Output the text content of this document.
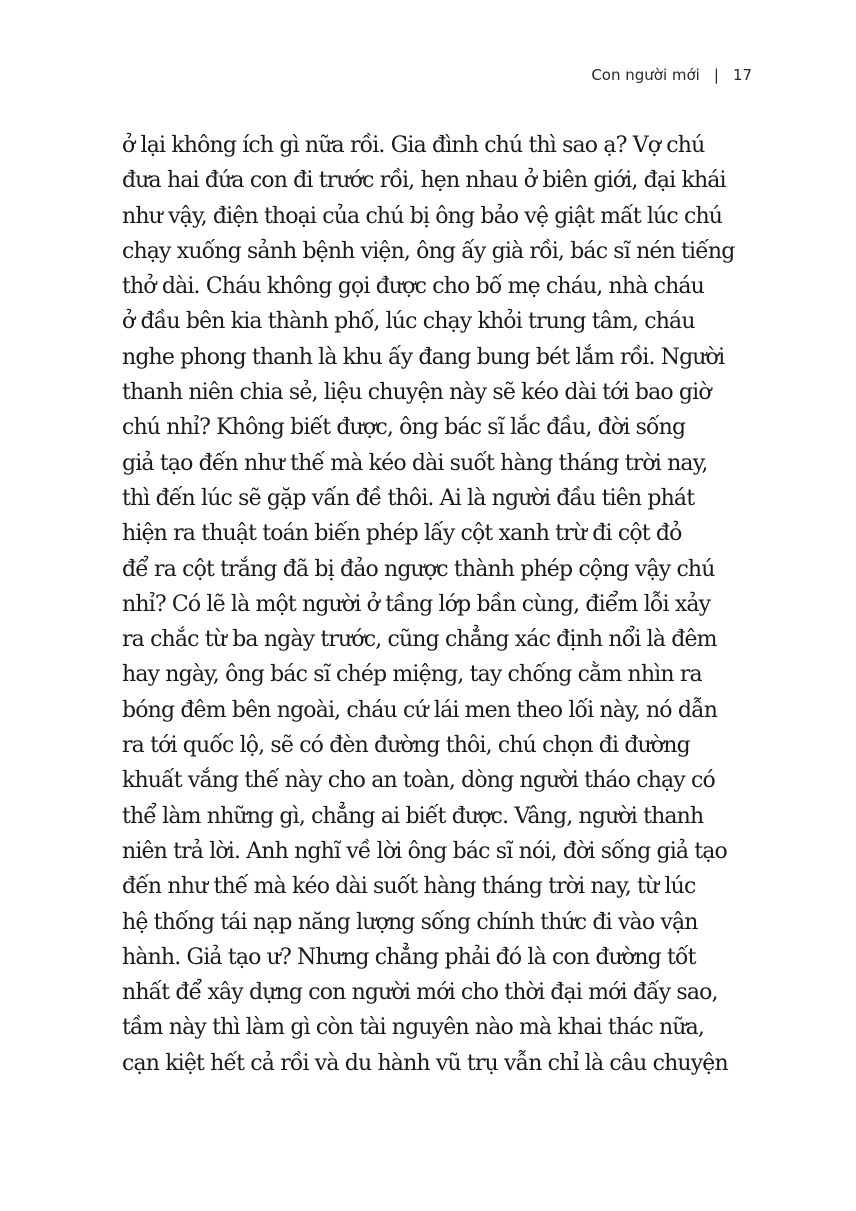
Con người mới | 17
ở lại không ích gì nữa rồi. Gia đình chú thì sao ạ? Vợ chú
đưa hai đứa con đi trước rồi, hẹn nhau ở biên giới, đại khái
như vậy, điện thoại của chú bị ông bảo vệ giật mất lúc chú
chạy xuống sảnh bệnh viện, ông ấy già rồi, bác sĩ nén tiếng
thở dài. Cháu không gọi được cho bố mẹ cháu, nhà cháu
ở đầu bên kia thành phố, lúc chạy khỏi trung tâm, cháu
nghe phong thanh là khu ấy đang bung bét lắm rồi. Người
thanh niên chia sẻ, liệu chuyện này sẽ kéo dài tới bao giờ
chú nhỉ? Không biết được, ông bác sĩ lắc đầu, đời sống
giả tạo đến như thế mà kéo dài suốt hàng tháng trời nay,
thì đến lúc sẽ gặp vấn đề thôi. Ai là người đầu tiên phát
hiện ra thuật toán biến phép lấy cột xanh trừ đi cột đỏ
để ra cột trắng đã bị đảo ngược thành phép cộng vậy chú
nhỉ? Có lẽ là một người ở tầng lớp bần cùng, điểm lỗi xảy
ra chắc từ ba ngày trước, cũng chẳng xác định nổi là đêm
hay ngày, ông bác sĩ chép miệng, tay chống cằm nhìn ra
bóng đêm bên ngoài, cháu cứ lái men theo lối này, nó dẫn
ra tới quốc lộ, sẽ có đèn đường thôi, chú chọn đi đường
khuất vắng thế này cho an toàn, dòng người tháo chạy có
thể làm những gì, chẳng ai biết được. Vâng, người thanh
niên trả lời. Anh nghĩ về lời ông bác sĩ nói, đời sống giả tạo
đến như thế mà kéo dài suốt hàng tháng trời nay, từ lúc
hệ thống tái nạp năng lượng sống chính thức đi vào vận
hành. Giả tạo ư? Nhưng chẳng phải đó là con đường tốt
nhất để xây dựng con người mới cho thời đại mới đấy sao,
tầm này thì làm gì còn tài nguyên nào mà khai thác nữa,
cạn kiệt hết cả rồi và du hành vũ trụ vẫn chỉ là câu chuyện
